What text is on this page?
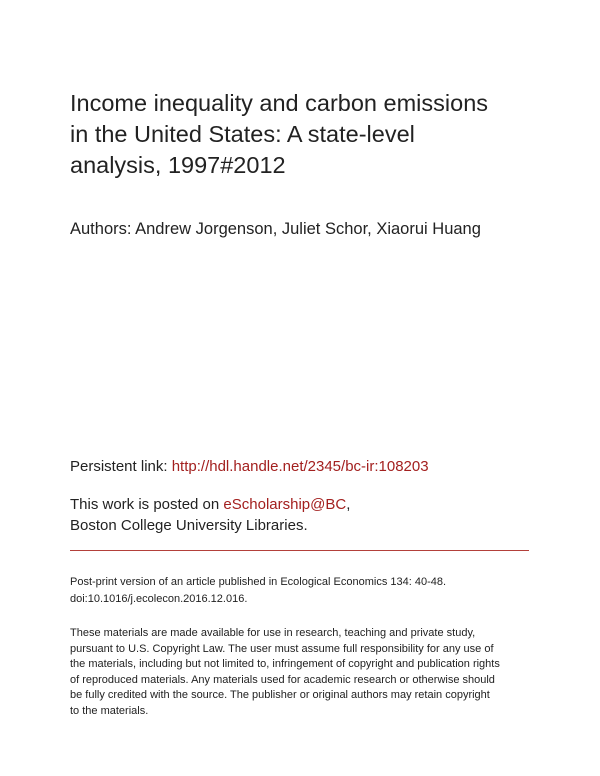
Income inequality and carbon emissions
in the United States: A state-level
analysis, 1997#2012
Authors: Andrew Jorgenson, Juliet Schor, Xiaorui Huang
Persistent link: http://hdl.handle.net/2345/bc-ir:108203
This work is posted on eScholarship@BC,
Boston College University Libraries.
Post-print version of an article published in Ecological Economics 134: 40-48.
doi:10.1016/j.ecolecon.2016.12.016.
These materials are made available for use in research, teaching and private study,
pursuant to U.S. Copyright Law. The user must assume full responsibility for any use of
the materials, including but not limited to, infringement of copyright and publication rights
of reproduced materials. Any materials used for academic research or otherwise should
be fully credited with the source. The publisher or original authors may retain copyright
to the materials.
